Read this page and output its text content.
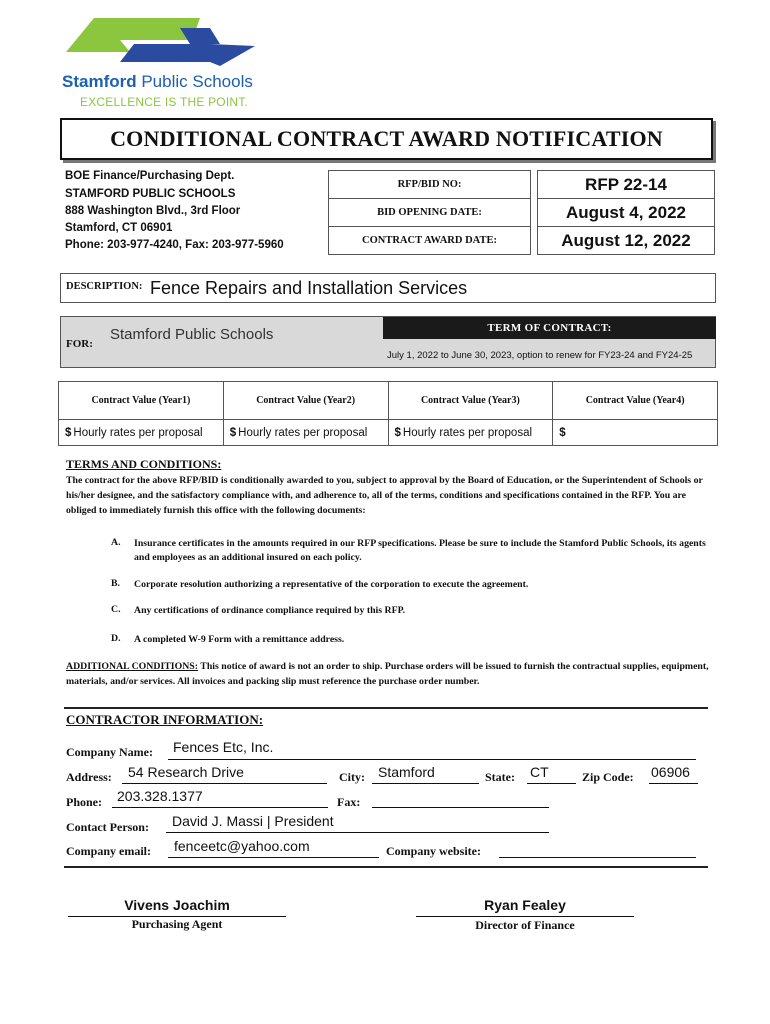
Stamford Public Schools
EXCELLENCE IS THE POINT.
CONDITIONAL CONTRACT AWARD NOTIFICATION
BOE Finance/Purchasing Dept.
STAMFORD PUBLIC SCHOOLS
888 Washington Blvd., 3rd Floor
Stamford, CT 06901
Phone: 203-977-4240, Fax: 203-977-5960
RFP/BID NO:		RFP 22-14
BID OPENING DATE:		August 4, 2022
CONTRACT AWARD DATE:		August 12, 2022
DESCRIPTION: Fence Repairs and Installation Services
FOR:
Stamford Public Schools	TERM OF CONTRACT:
July 1, 2022 to June 30, 2023, option to renew for FY23-24 and FY24-25
Contract Value (Year1)	Contract Value (Year2)	Contract Value (Year3)	Contract Value (Year4)
$ Hourly rates per proposal	$ Hourly rates per proposal	$ Hourly rates per proposal	$
TERMS AND CONDITIONS:
The contract for the above RFP/BID is conditionally awarded to you, subject to approval by the Board of Education, or the Superintendent of Schools or his/her designee, and the satisfactory compliance with, and adherence to, all of the terms, conditions and specifications contained in the RFP. You are obliged to immediately furnish this office with the following documents:
A. Insurance certificates in the amounts required in our RFP specifications. Please be sure to include the Stamford Public Schools, its agents and employees as an additional insured on each policy.
B. Corporate resolution authorizing a representative of the corporation to execute the agreement.
C. Any certifications of ordinance compliance required by this RFP.
D. A completed W-9 Form with a remittance address.
ADDITIONAL CONDITIONS: This notice of award is not an order to ship. Purchase orders will be issued to furnish the contractual supplies, equipment, materials, and/or services. All invoices and packing slip must reference the purchase order number.
CONTRACTOR INFORMATION:
Company Name: Fences Etc, Inc.
Address: 54 Research Drive	City: Stamford	State: CT	Zip Code: 06906
Phone: 203.328.1377	Fax:
Contact Person: David J. Massi | President
Company email: fenceetc@yahoo.com	Company website:
Vivens Joachim
Purchasing Agent
Ryan Fealey
Director of Finance
